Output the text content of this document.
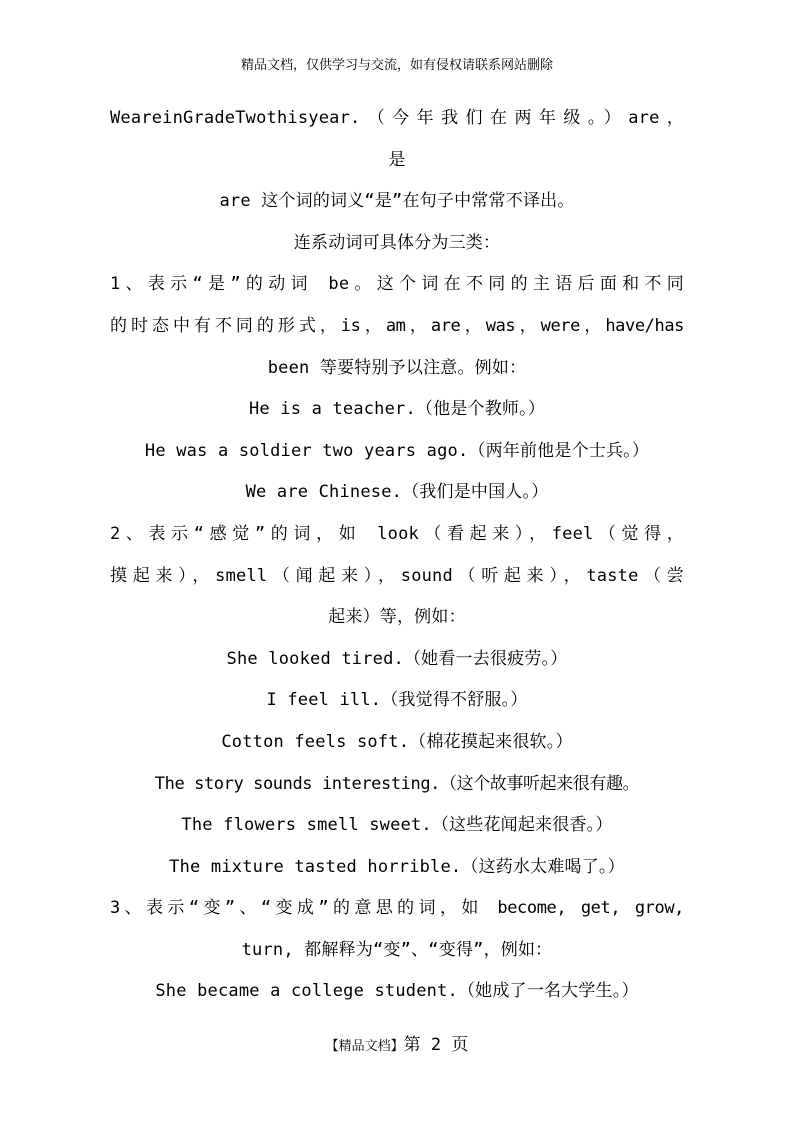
精品文档，仅供学习与交流，如有侵权请联系网站删除
WeareinGradeTwothisyear.（今年我们在两年级。）are，
是
are 这个词的词义“是”在句子中常常不译出。
连系动词可具体分为三类：
1、表示“是”的动词 be。这个词在不同的主语后面和不同
的时态中有不同的形式，is，am，are，was，were，have/has
been 等要特别予以注意。例如：
He is a teacher.（他是个教师。）
He was a soldier two years ago.（两年前他是个士兵。）
We are Chinese.（我们是中国人。）
2、表示“感觉”的词，如 look（看起来），feel（觉得，
摸起来），smell（闻起来），sound（听起来），taste（尝
起来）等，例如：
She looked tired.（她看一去很疲劳。）
I feel ill.（我觉得不舒服。）
Cotton feels soft.（棉花摸起来很软。）
The story sounds interesting.（这个故事听起来很有趣。
The flowers smell sweet.（这些花闻起来很香。）
The mixture tasted horrible.（这药水太难喝了。）
3、表示“变”、“变成”的意思的词，如 become, get, grow,
turn, 都解释为“变”、“变得”，例如：
She became a college student.（她成了一名大学生。）
【精品文档】第 2 页
